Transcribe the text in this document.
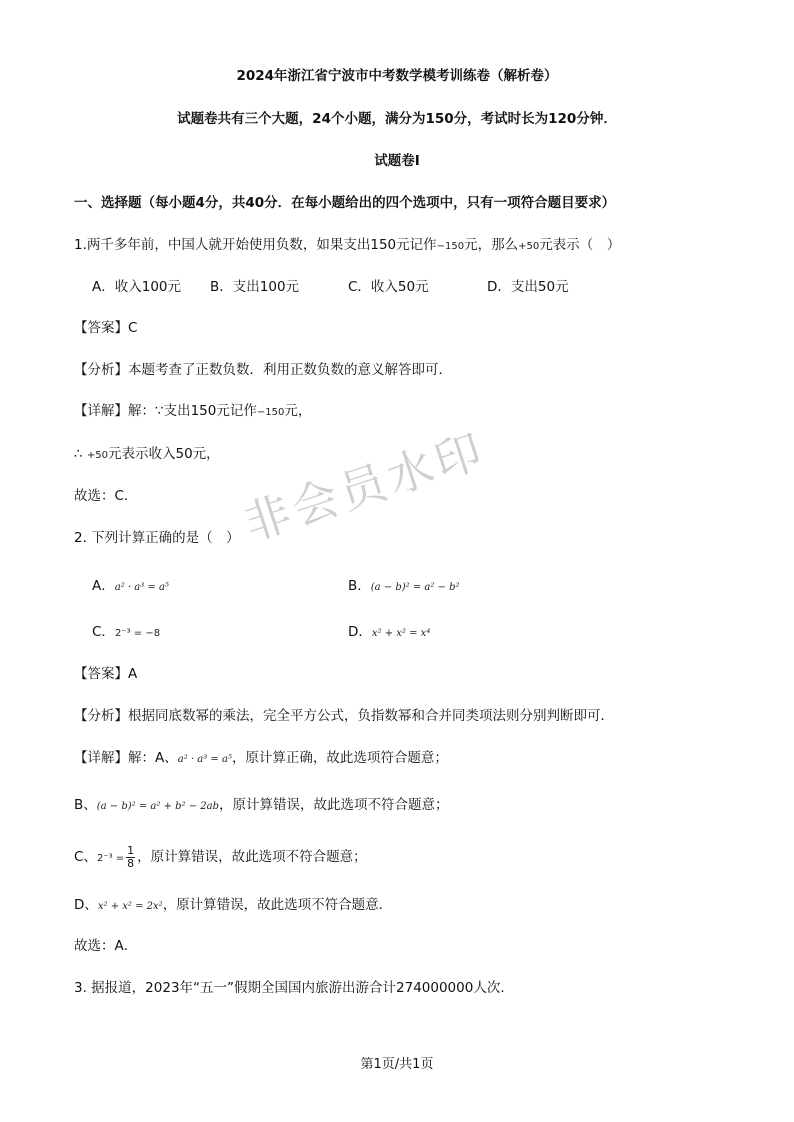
2024年浙江省宁波市中考数学模考训练卷（解析卷）
试题卷共有三个大题，24个小题，满分为150分，考试时长为120分钟．
试题卷Ⅰ
一、选择题（每小题4分，共40分．在每小题给出的四个选项中，只有一项符合题目要求）
1.两千多年前，中国人就开始使用负数，如果支出150元记作−150元，那么+50元表示（　）
A．收入100元 B．支出100元	C．收入50元	D．支出50元
【答案】C
【分析】本题考查了正数负数．利用正数负数的意义解答即可．
【详解】解：∵支出150元记作−150元，
∴ +50元表示收入50元，
故选：C．
2. 下列计算正确的是（　）
A．a² · a³ = a⁵	B．(a − b)² = a² − b²
C．2⁻³ = −8	D．x² + x² = x⁴
【答案】A
【分析】根据同底数幂的乘法，完全平方公式，负指数幂和合并同类项法则分别判断即可．
【详解】解：A、a² · a³ = a⁵，原计算正确，故此选项符合题意；
B、(a − b)² = a² + b² − 2ab，原计算错误，故此选项不符合题意；
C、$2^{-3} = \frac{1}{8}$ ，原计算错误，故此选项不符合题意；
D、x² + x² = 2x²，原计算错误，故此选项不符合题意．
故选：A．
3. 据报道，2023年“五一”假期全国国内旅游出游合计274000000人次．
非会员水印
第1页/共1页
